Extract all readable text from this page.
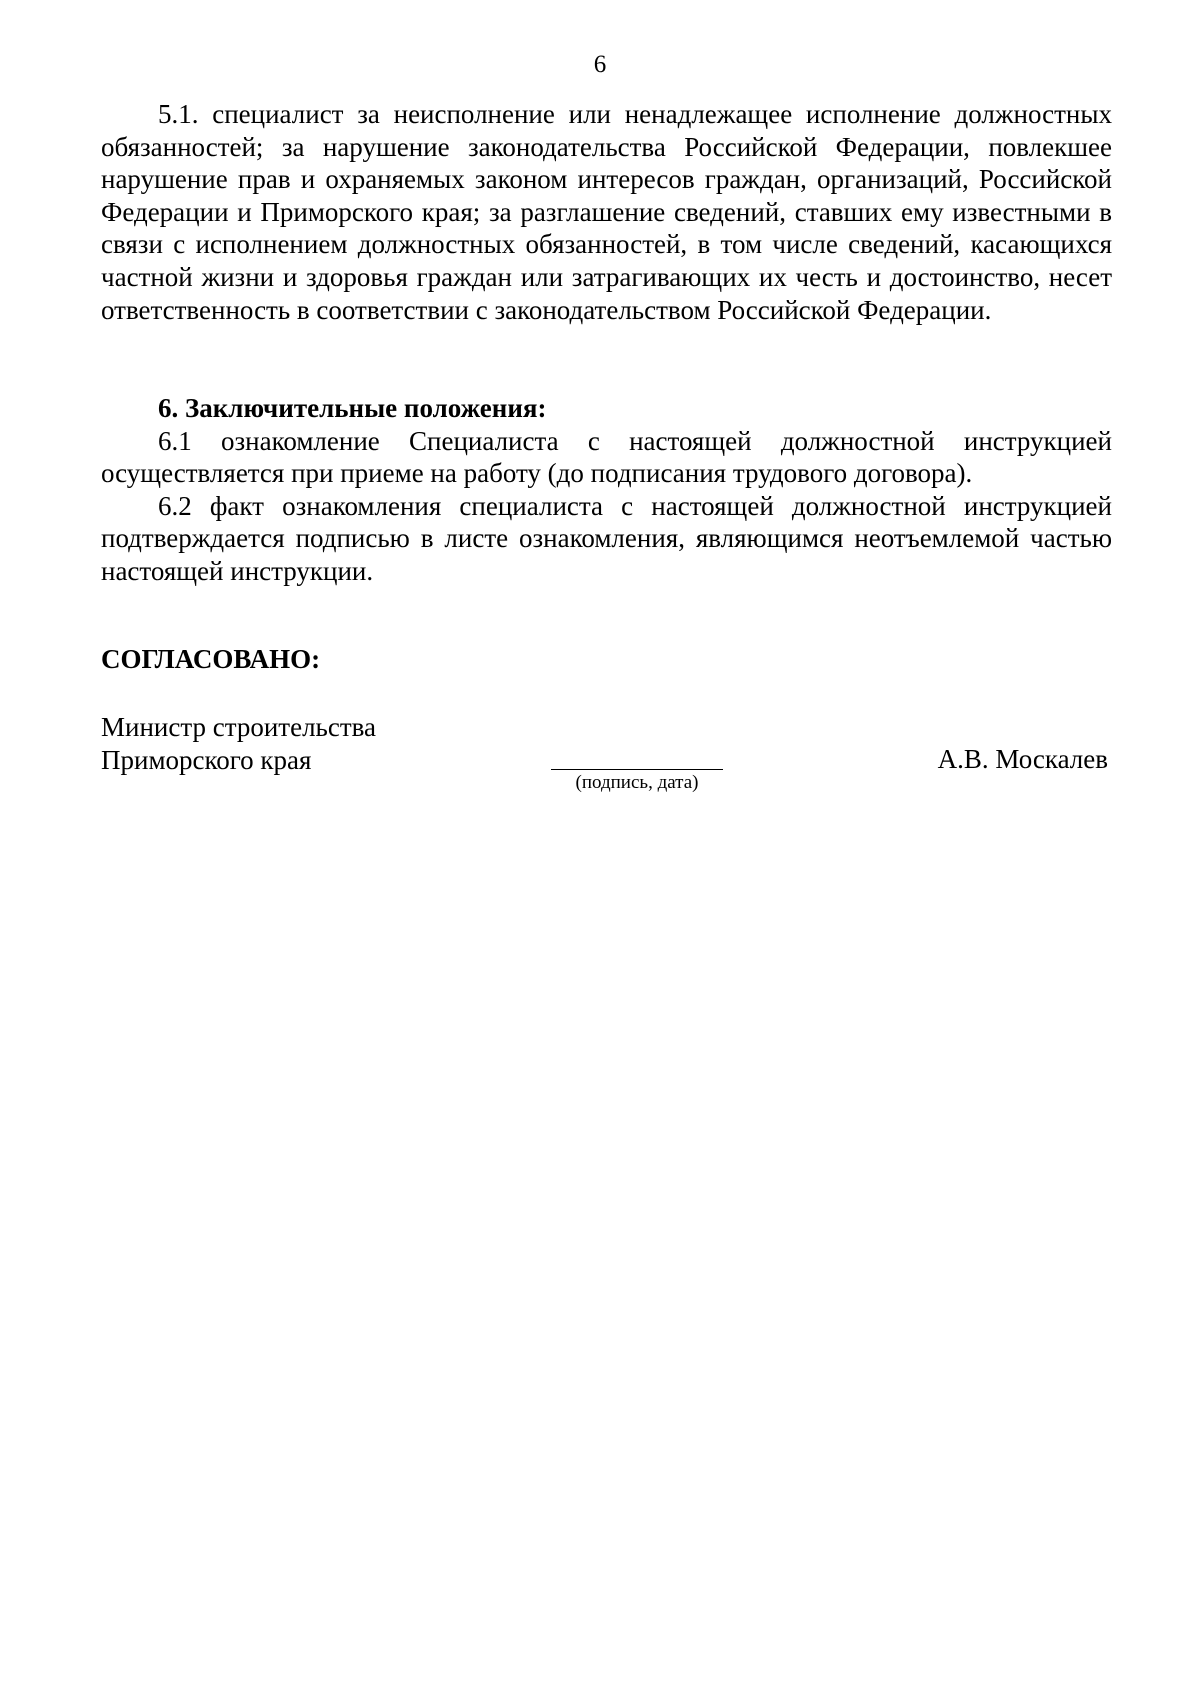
6

5.1. специалист за неисполнение или ненадлежащее исполнение должностных обязанностей; за нарушение законодательства Российской Федерации, повлекшее нарушение прав и охраняемых законом интересов граждан, организаций, Российской Федерации и Приморского края; за разглашение сведений, ставших ему известными в связи с исполнением должностных обязанностей, в том числе сведений, касающихся частной жизни и здоровья граждан или затрагивающих их честь и достоинство, несет ответственность в соответствии с законодательством Российской Федерации.

6. Заключительные положения:

6.1 ознакомление Специалиста с настоящей должностной инструкцией осуществляется при приеме на работу (до подписания трудового договора).

6.2 факт ознакомления специалиста с настоящей должностной инструкцией подтверждается подписью в листе ознакомления, являющимся неотъемлемой частью настоящей инструкции.

СОГЛАСОВАНО:

Министр строительства
Приморского края
(подпись, дата)
А.В. Москалев
